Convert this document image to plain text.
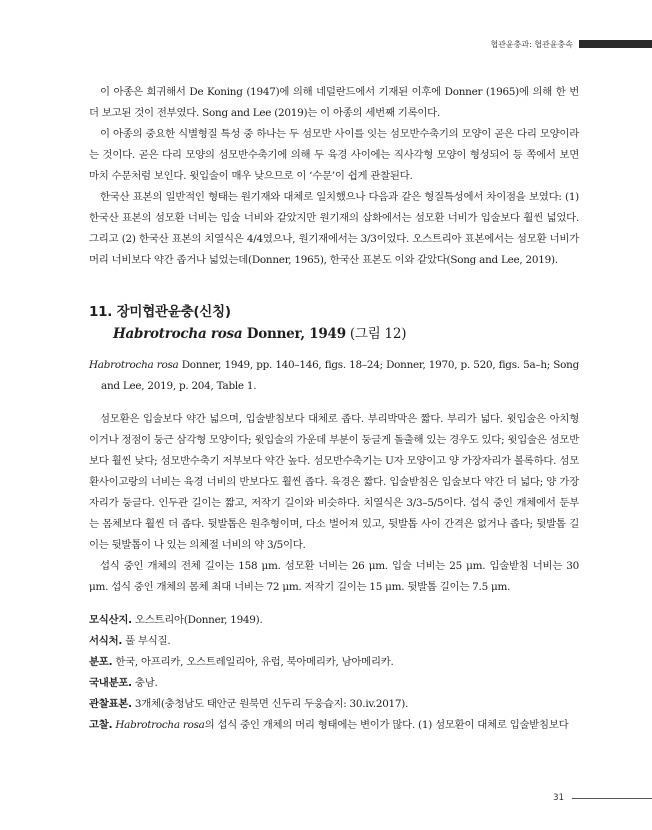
협관윤충과: 협관윤충속

이 아종은 희귀해서 De Koning (1947)에 의해 네덜란드에서 기재된 이후에 Donner (1965)에 의해 한 번 더 보고된 것이 전부였다. Song and Lee (2019)는 이 아종의 세번째 기록이다.

이 아종의 중요한 식별형질 특성 중 하나는 두 섬모반 사이를 잇는 섬모반수축기의 모양이 곧은 다리 모양이라는 것이다. 곧은 다리 모양의 섬모반수축기에 의해 두 육경 사이에는 직사각형 모양이 형성되어 등 쪽에서 보면 마치 수문처럼 보인다. 윗입술이 매우 낮으므로 이 ‘수문’이 쉽게 관찰된다.

한국산 표본의 일반적인 형태는 원기재와 대체로 일치했으나 다음과 같은 형질특성에서 차이점을 보였다: (1) 한국산 표본의 섬모환 너비는 입술 너비와 같았지만 원기재의 삽화에서는 섬모환 너비가 입술보다 훨씬 넓었다. 그리고 (2) 한국산 표본의 치열식은 4/4였으나, 원기재에서는 3/3이었다. 오스트리아 표본에서는 섬모환 너비가 머리 너비보다 약간 좁거나 넓었는데(Donner, 1965), 한국산 표본도 이와 같았다(Song and Lee, 2019).

11. 장미협관윤충(신칭)
Habrotrocha rosa Donner, 1949 (그림 12)

Habrotrocha rosa Donner, 1949, pp. 140–146, figs. 18–24; Donner, 1970, p. 520, figs. 5a–h; Song and Lee, 2019, p. 204, Table 1.

섬모환은 입술보다 약간 넓으며, 입술받침보다 대체로 좁다. 부리박막은 짧다. 부리가 넓다. 윗입술은 아치형이거나 정점이 둥근 삼각형 모양이다; 윗입술의 가운데 부분이 둥글게 돌출해 있는 경우도 있다; 윗입술은 섬모반보다 훨씬 낮다; 섬모반수축기 저부보다 약간 높다. 섬모반수축기는 U자 모양이고 양 가장자리가 볼록하다. 섬모환사이고랑의 너비는 육경 너비의 반보다도 훨씬 좁다. 육경은 짧다. 입술받침은 입술보다 약간 더 넓다; 양 가장자리가 둥글다. 인두관 길이는 짧고, 저작기 길이와 비슷하다. 치열식은 3/3–5/5이다. 섭식 중인 개체에서 둔부는 몸체보다 훨씬 더 좁다. 뒷발톱은 원추형이며, 다소 벌어져 있고, 뒷발톱 사이 간격은 없거나 좁다; 뒷발톱 길이는 뒷발톱이 나 있는 의체절 너비의 약 3/5이다.

섭식 중인 개체의 전체 길이는 158 μm. 섬모환 너비는 26 μm. 입술 너비는 25 μm. 입술받침 너비는 30 μm. 섭식 중인 개체의 몸체 최대 너비는 72 μm. 저작기 길이는 15 μm. 뒷발톱 길이는 7.5 μm.

모식산지. 오스트리아(Donner, 1949).
서식처. 풀 부식질.
분포. 한국, 아프리카, 오스트레일리아, 유럽, 북아메리카, 남아메리카.
국내분포. 충남.
관찰표본. 3개체(충청남도 태안군 원북면 신두리 두웅습지: 30.iv.2017).
고찰. Habrotrocha rosa의 섭식 중인 개체의 머리 형태에는 변이가 많다. (1) 섬모환이 대체로 입술받침보다
31
